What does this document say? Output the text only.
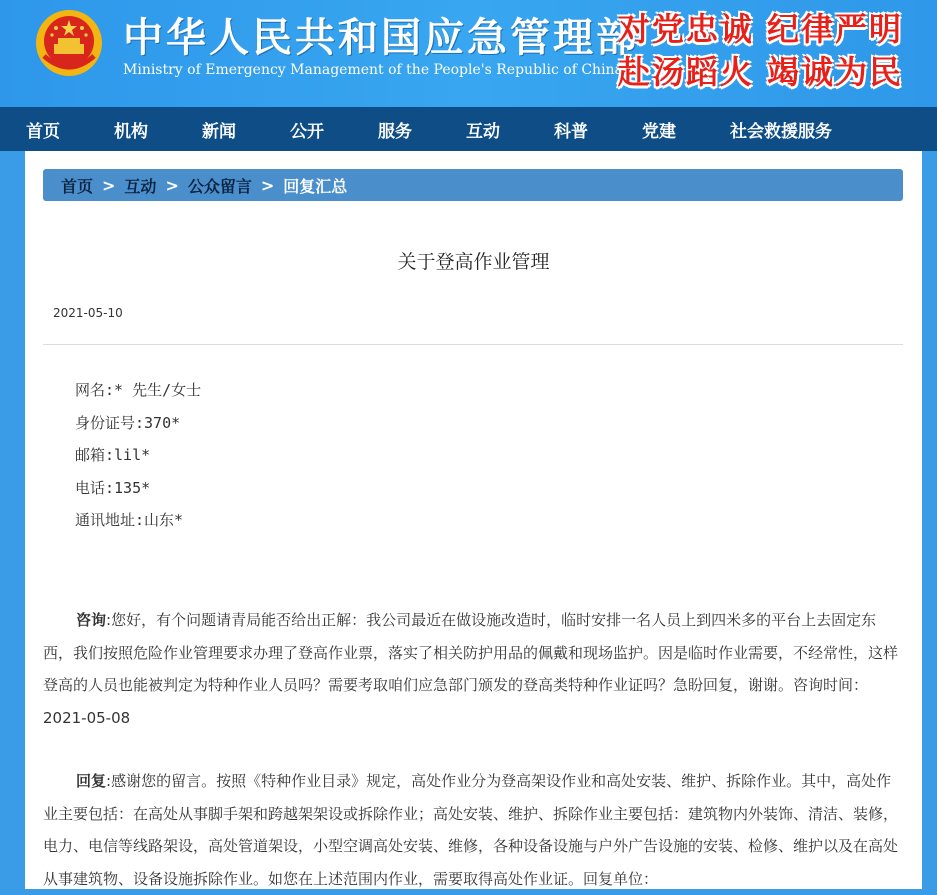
中华人民共和国应急管理部
Ministry of Emergency Management of the People's Republic of China
对党忠诚 纪律严明
赴汤蹈火 竭诚为民
首页	机构	新闻	公开	服务	互动	科普	党建	社会救援服务
首页 > 互动 > 公众留言 > 回复汇总
关于登高作业管理
2021-05-10
网名:* 先生/女士
身份证号:370*
邮箱:lil*
电话:135*
通讯地址:山东*
咨询:您好，有个问题请青局能否给出正解：我公司最近在做设施改造时，临时安排一名人员上到四米多的平台上去固定东西，我们按照危险作业管理要求办理了登高作业票，落实了相关防护用品的佩戴和现场监护。因是临时作业需要，不经常性，这样登高的人员也能被判定为特种作业人员吗？需要考取咱们应急部门颁发的登高类特种作业证吗？急盼回复，谢谢。咨询时间：2021-05-08
回复:感谢您的留言。按照《特种作业目录》规定，高处作业分为登高架设作业和高处安装、维护、拆除作业。其中，高处作业主要包括：在高处从事脚手架和跨越架架设或拆除作业；高处安装、维护、拆除作业主要包括：建筑物内外装饰、清洁、装修，电力、电信等线路架设，高处管道架设，小型空调高处安装、维修，各种设备设施与户外广告设施的安装、检修、维护以及在高处从事建筑物、设备设施拆除作业。如您在上述范围内作业，需要取得高处作业证。回复单位：
